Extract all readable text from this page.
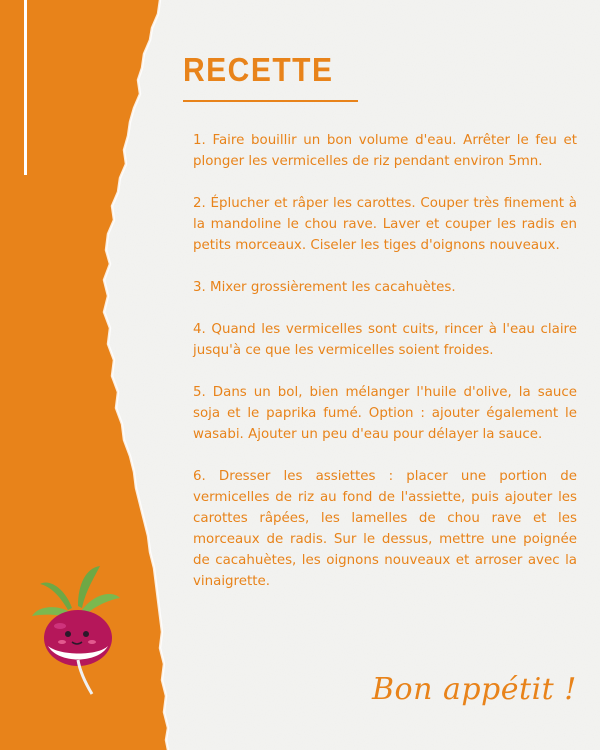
RECETTE

1. Faire bouillir un bon volume d'eau. Arrêter le feu et plonger les vermicelles de riz pendant environ 5mn.

2. Éplucher et râper les carottes. Couper très finement à la mandoline le chou rave. Laver et couper les radis en petits morceaux. Ciseler les tiges d'oignons nouveaux.

3. Mixer grossièrement les cacahuètes.

4. Quand les vermicelles sont cuits, rincer à l'eau claire jusqu'à ce que les vermicelles soient froides.

5. Dans un bol, bien mélanger l'huile d'olive, la sauce soja et le paprika fumé. Option : ajouter également le wasabi. Ajouter un peu d'eau pour délayer la sauce.

6. Dresser les assiettes : placer une portion de vermicelles de riz au fond de l'assiette, puis ajouter les carottes râpées, les lamelles de chou rave et les morceaux de radis. Sur le dessus, mettre une poignée de cacahuètes, les oignons nouveaux et arroser avec la vinaigrette.

Bon appétit !
